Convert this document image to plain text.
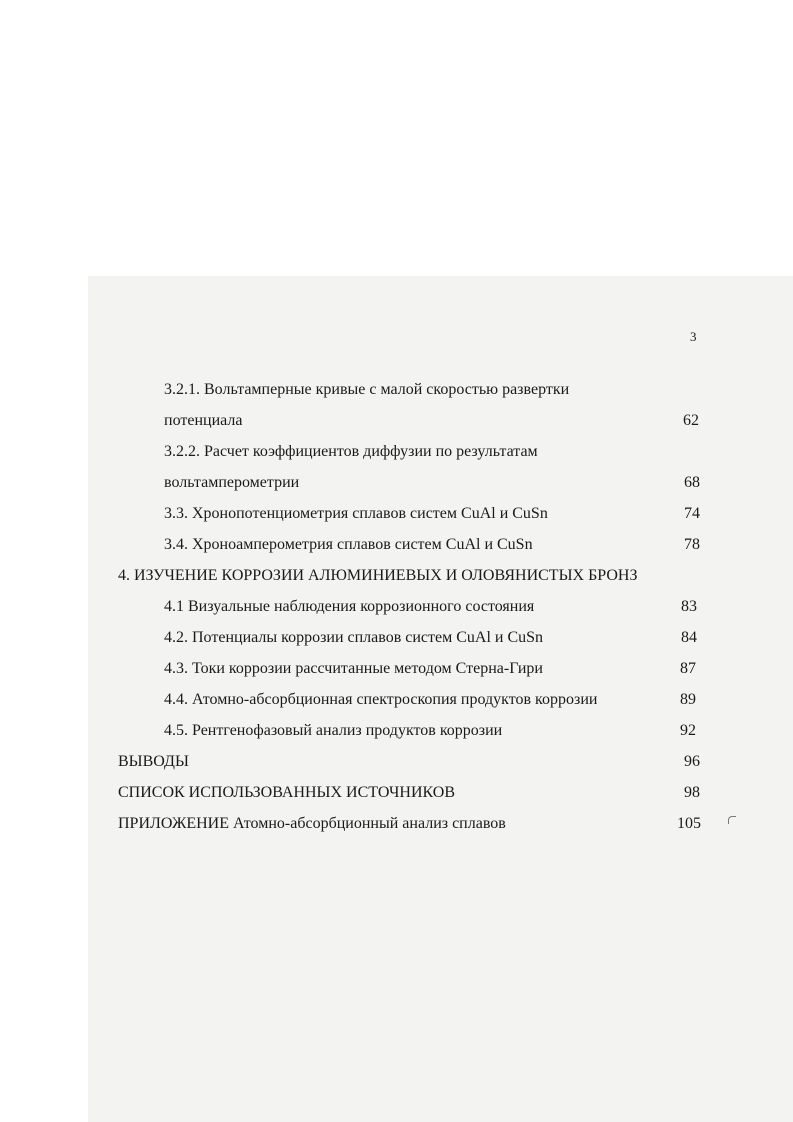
3
3.2.1. Вольтамперные кривые с малой скоростью развертки
потенциала	62
3.2.2. Расчет коэффициентов диффузии по результатам
вольтамперометрии	68
3.3. Хронопотенциометрия сплавов систем CuAl и CuSn	74
3.4. Хроноамперометрия сплавов систем CuAl и CuSn	78
4. ИЗУЧЕНИЕ КОРРОЗИИ АЛЮМИНИЕВЫХ И ОЛОВЯНИСТЫХ БРОНЗ
4.1 Визуальные наблюдения коррозионного состояния	83
4.2. Потенциалы коррозии сплавов систем CuAl и CuSn	84
4.3. Токи коррозии рассчитанные методом Стерна-Гири	87
4.4. Атомно-абсорбционная спектроскопия продуктов коррозии	89
4.5. Рентгенофазовый анализ продуктов коррозии	92
ВЫВОДЫ	96
СПИСОК ИСПОЛЬЗОВАННЫХ ИСТОЧНИКОВ	98
ПРИЛОЖЕНИЕ Атомно-абсорбционный анализ сплавов	105
